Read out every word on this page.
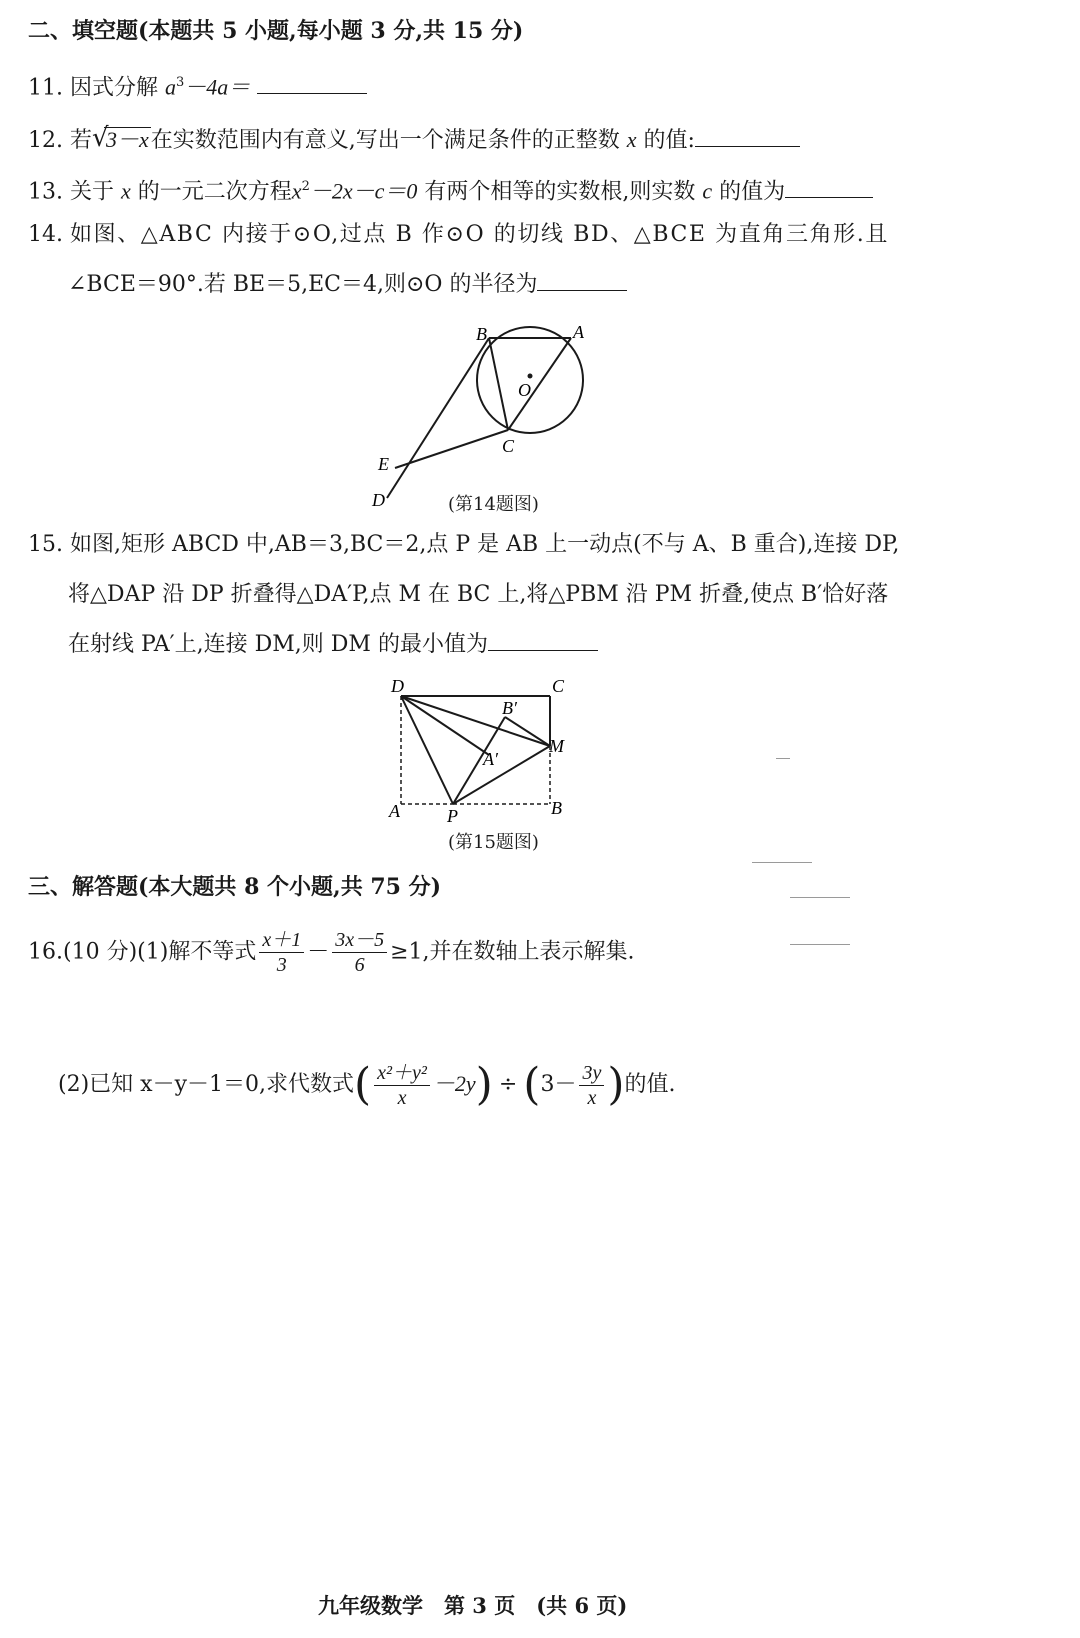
二、填空题(本题共 5 小题,每小题 3 分,共 15 分)
11. 因式分解 $a^3-4a=$
12. 若 √
3－x在实数范围内有意义,写出一个满足条件的正整数 x 的值:
13. 关于 x 的一元二次方程$x^2-2x-c=0$ 有两个相等的实数根,则实数 c 的值为
14. 如图、△ABC 内接于⊙O,过点 B 作⊙O 的切线 BD、△BCE 为直角三角形.且
∠BCE＝90°.若 BE＝5,EC＝4,则⊙O 的半径为
B	A
O
C
E
D	(第14题图)
15. 如图,矩形 ABCD 中,AB＝3,BC＝2,点 P 是 AB 上一动点(不与 A、B 重合),连接 DP,
将△DAP 沿 DP 折叠得△DA′P,点 M 在 BC 上,将△PBM 沿 PM 折叠,使点 B′恰好落
在射线 PA′上,连接 DM,则 DM 的最小值为
D	C
B′
M
A′
A	P	B
(第15题图)
三、解答题(本大题共 8 个小题,共 75 分)
16.(10 分)(1)解不等式 $\frac{x+1}{3} - \frac{3x-5}{6} \ge 1$,并在数轴上表示解集.
(2)已知 x－y－1＝0,求代数式( $\frac{\text{x²＋y²}}{x} -2y) \div (3- \frac{3y}{x}$ )的值.
九年级数学　第 3 页　(共 6 页)
